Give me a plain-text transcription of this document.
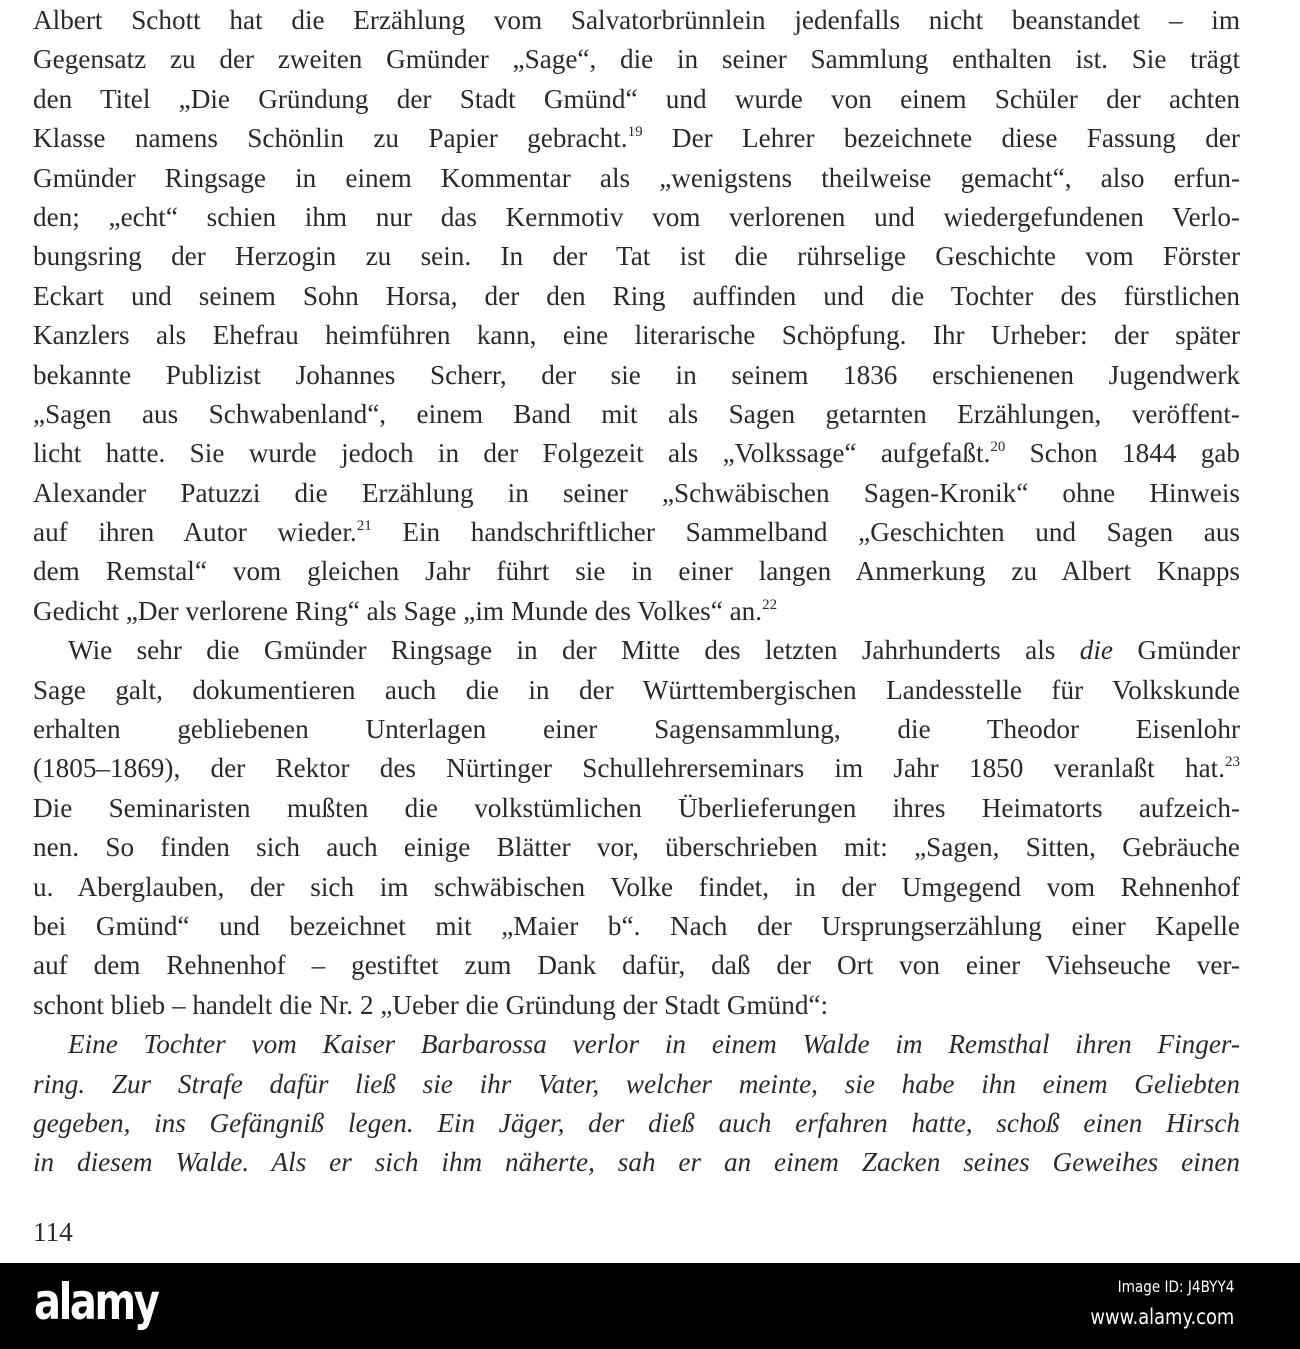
Albert Schott hat die Erzählung vom Salvatorbrünnlein jedenfalls nicht beanstandet – im
Gegensatz zu der zweiten Gmünder „Sage“, die in seiner Sammlung enthalten ist. Sie trägt
den Titel „Die Gründung der Stadt Gmünd“ und wurde von einem Schüler der achten
Klasse namens Schönlin zu Papier gebracht.$^{19}$ Der Lehrer bezeichnete diese Fassung der
Gmünder Ringsage in einem Kommentar als „wenigstens theilweise gemacht“, also erfun-
den; „echt“ schien ihm nur das Kernmotiv vom verlorenen und wiedergefundenen Verlo-
bungsring der Herzogin zu sein. In der Tat ist die rührselige Geschichte vom Förster
Eckart und seinem Sohn Horsa, der den Ring auffinden und die Tochter des fürstlichen
Kanzlers als Ehefrau heimführen kann, eine literarische Schöpfung. Ihr Urheber: der später
bekannte Publizist Johannes Scherr, der sie in seinem 1836 erschienenen Jugendwerk
„Sagen aus Schwabenland“, einem Band mit als Sagen getarnten Erzählungen, veröffent-
licht hatte. Sie wurde jedoch in der Folgezeit als „Volkssage“ aufgefaßt.$^{20}$ Schon 1844 gab
Alexander Patuzzi die Erzählung in seiner „Schwäbischen Sagen-Kronik“ ohne Hinweis
auf ihren Autor wieder.$^{21}$ Ein handschriftlicher Sammelband „Geschichten und Sagen aus
dem Remstal“ vom gleichen Jahr führt sie in einer langen Anmerkung zu Albert Knapps
Gedicht „Der verlorene Ring“ als Sage „im Munde des Volkes“ an.$^{22}$
Wie sehr die Gmünder Ringsage in der Mitte des letzten Jahrhunderts als die Gmünder
Sage galt, dokumentieren auch die in der Württembergischen Landesstelle für Volkskunde
erhalten gebliebenen Unterlagen einer Sagensammlung, die Theodor Eisenlohr
(1805–1869), der Rektor des Nürtinger Schullehrerseminars im Jahr 1850 veranlaßt hat.$^{23}$
Die Seminaristen mußten die volkstümlichen Überlieferungen ihres Heimatorts aufzeich-
nen. So finden sich auch einige Blätter vor, überschrieben mit: „Sagen, Sitten, Gebräuche
u. Aberglauben, der sich im schwäbischen Volke findet, in der Umgegend vom Rehnenhof
bei Gmünd“ und bezeichnet mit „Maier b“. Nach der Ursprungserzählung einer Kapelle
auf dem Rehnenhof – gestiftet zum Dank dafür, daß der Ort von einer Viehseuche ver-
schont blieb – handelt die Nr. 2 „Ueber die Gründung der Stadt Gmünd“:
Eine Tochter vom Kaiser Barbarossa verlor in einem Walde im Remsthal ihren Finger-
ring. Zur Strafe dafür ließ sie ihr Vater, welcher meinte, sie habe ihn einem Geliebten
gegeben, ins Gefängniß legen. Ein Jäger, der dieß auch erfahren hatte, schoß einen Hirsch
in diesem Walde. Als er sich ihm näherte, sah er an einem Zacken seines Geweihes einen
114
alamy	Image ID: J4BYY4
www.alamy.com
